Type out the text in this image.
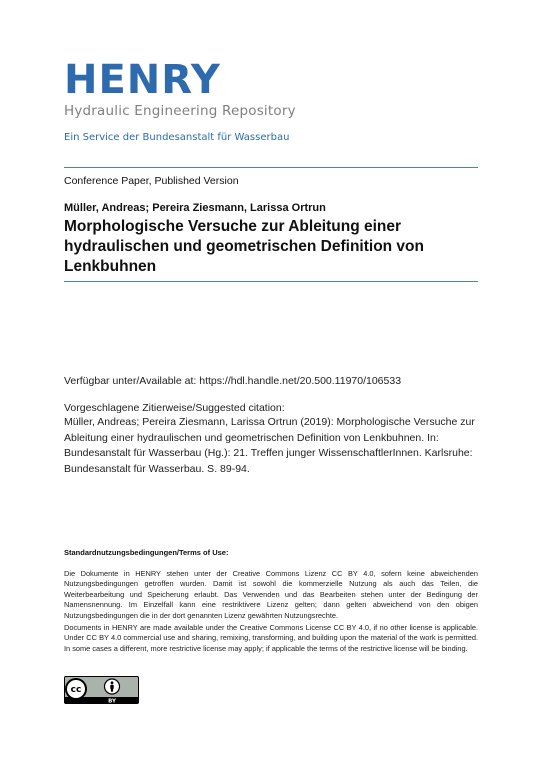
HENRY
Hydraulic Engineering Repository
Ein Service der Bundesanstalt für Wasserbau
Conference Paper, Published Version
Müller, Andreas; Pereira Ziesmann, Larissa Ortrun
Morphologische Versuche zur Ableitung einer hydraulischen und geometrischen Definition von Lenkbuhnen
Verfügbar unter/Available at: https://hdl.handle.net/20.500.11970/106533
Vorgeschlagene Zitierweise/Suggested citation:
Müller, Andreas; Pereira Ziesmann, Larissa Ortrun (2019): Morphologische Versuche zur Ableitung einer hydraulischen und geometrischen Definition von Lenkbuhnen. In: Bundesanstalt für Wasserbau (Hg.): 21. Treffen junger WissenschaftlerInnen. Karlsruhe: Bundesanstalt für Wasserbau. S. 89-94.
Standardnutzungsbedingungen/Terms of Use:
Die Dokumente in HENRY stehen unter der Creative Commons Lizenz CC BY 4.0, sofern keine abweichenden Nutzungsbedingungen getroffen wurden. Damit ist sowohl die kommerzielle Nutzung als auch das Teilen, die Weiterbearbeitung und Speicherung erlaubt. Das Verwenden und das Bearbeiten stehen unter der Bedingung der Namensnennung. Im Einzelfall kann eine restriktivere Lizenz gelten; dann gelten abweichend von den obigen Nutzungsbedingungen die in der dort genannten Lizenz gewährten Nutzungsrechte.
Documents in HENRY are made available under the Creative Commons License CC BY 4.0, if no other license is applicable. Under CC BY 4.0 commercial use and sharing, remixing, transforming, and building upon the material of the work is permitted. In some cases a different, more restrictive license may apply; if applicable the terms of the restrictive license will be binding.
BY
cc
